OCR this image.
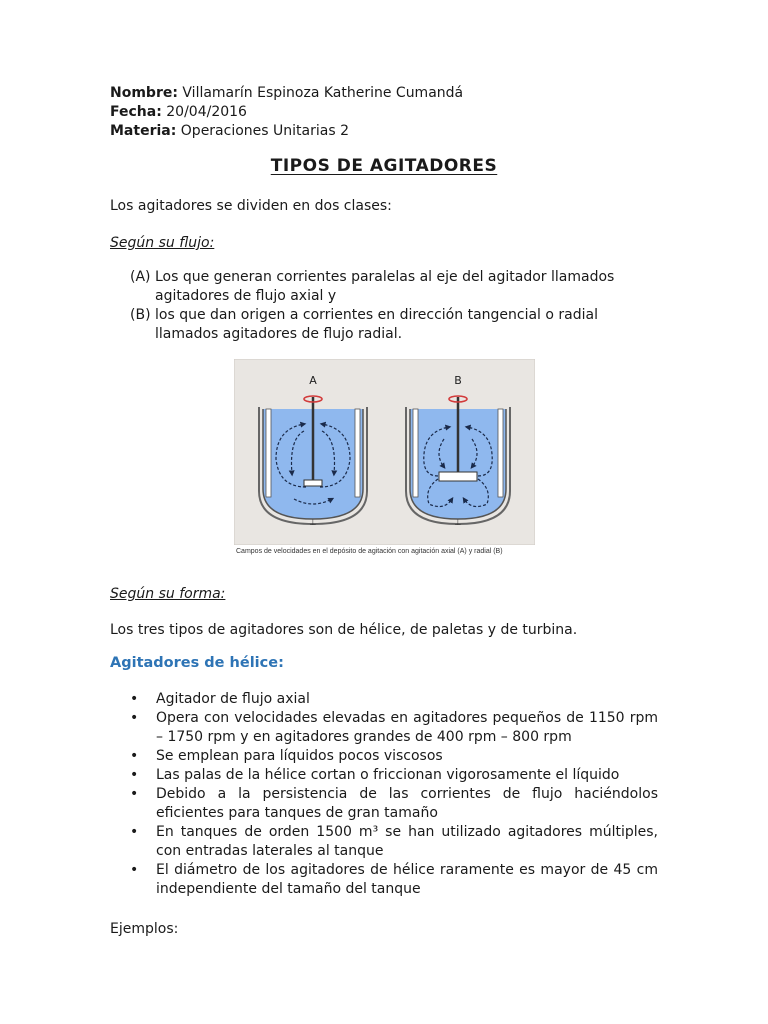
Nombre: Villamarín Espinoza Katherine Cumandá
Fecha: 20/04/2016
Materia: Operaciones Unitarias 2
TIPOS DE AGITADORES
Los agitadores se dividen en dos clases:
Según su flujo:
(A) Los que generan corrientes paralelas al eje del agitador llamados agitadores de flujo axial y
(B) los que dan origen a corrientes en dirección tangencial o radial llamados agitadores de flujo radial.
A
⊥
B
⊥
Campos de velocidades en el depósito de agitación con agitación axial (A) y radial (B)
Según su forma:
Los tres tipos de agitadores son de hélice, de paletas y de turbina.
Agitadores de hélice:
•	Agitador de flujo axial
•	Opera con velocidades elevadas en agitadores pequeños de 1150 rpm – 1750 rpm y en agitadores grandes de 400 rpm – 800 rpm
•	Se emplean para líquidos pocos viscosos
•	Las palas de la hélice cortan o friccionan vigorosamente el líquido
•	Debido a la persistencia de las corrientes de flujo haciéndolos eficientes para tanques de gran tamaño
•	En tanques de orden 1500 m³ se han utilizado agitadores múltiples, con entradas laterales al tanque
•	El diámetro de los agitadores de hélice raramente es mayor de 45 cm independiente del tamaño del tanque
Ejemplos:
